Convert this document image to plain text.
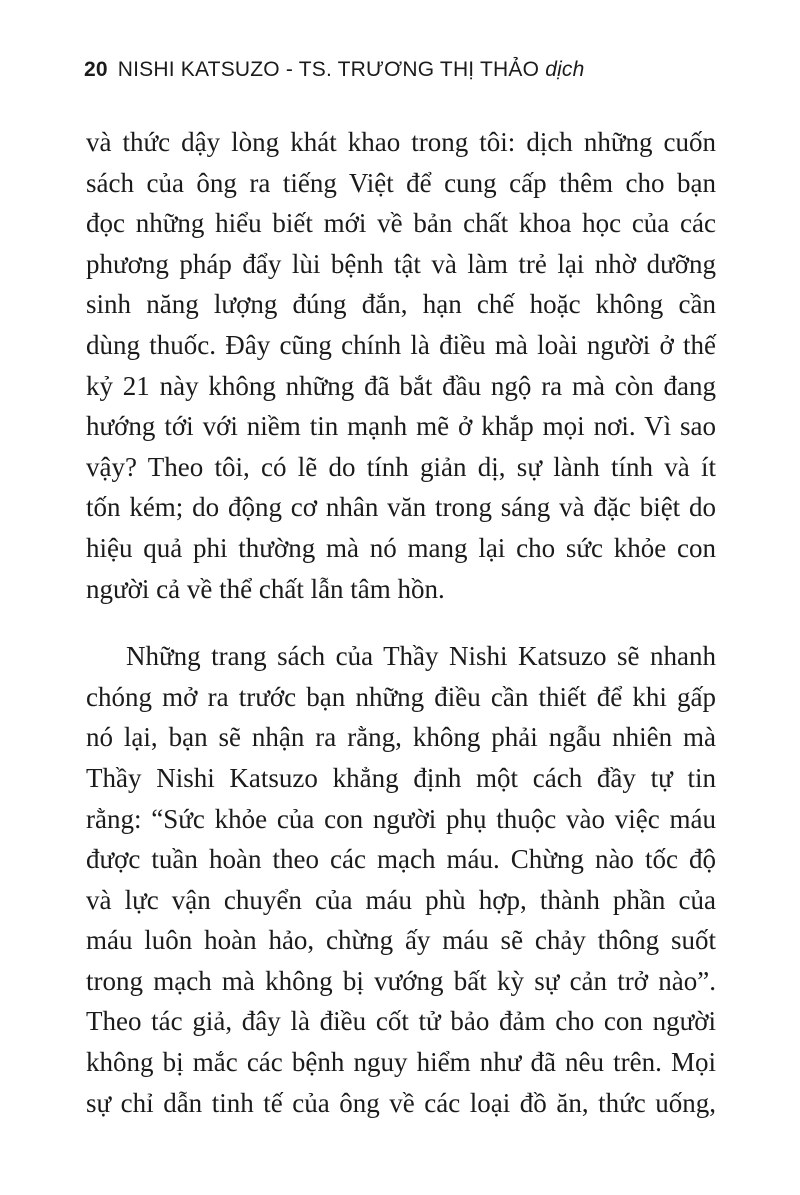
20 NISHI KATSUZO - TS. TRƯƠNG THỊ THẢO dịch
và thức dậy lòng khát khao trong tôi: dịch những cuốn
sách của ông ra tiếng Việt để cung cấp thêm cho bạn
đọc những hiểu biết mới về bản chất khoa học của các
phương pháp đẩy lùi bệnh tật và làm trẻ lại nhờ dưỡng
sinh năng lượng đúng đắn, hạn chế hoặc không cần
dùng thuốc. Đây cũng chính là điều mà loài người ở thế
kỷ 21 này không những đã bắt đầu ngộ ra mà còn đang
hướng tới với niềm tin mạnh mẽ ở khắp mọi nơi. Vì sao
vậy? Theo tôi, có lẽ do tính giản dị, sự lành tính và ít
tốn kém; do động cơ nhân văn trong sáng và đặc biệt do
hiệu quả phi thường mà nó mang lại cho sức khỏe con
người cả về thể chất lẫn tâm hồn.
Những trang sách của Thầy Nishi Katsuzo sẽ nhanh
chóng mở ra trước bạn những điều cần thiết để khi gấp
nó lại, bạn sẽ nhận ra rằng, không phải ngẫu nhiên mà
Thầy Nishi Katsuzo khẳng định một cách đầy tự tin
rằng: “Sức khỏe của con người phụ thuộc vào việc máu
được tuần hoàn theo các mạch máu. Chừng nào tốc độ
và lực vận chuyển của máu phù hợp, thành phần của
máu luôn hoàn hảo, chừng ấy máu sẽ chảy thông suốt
trong mạch mà không bị vướng bất kỳ sự cản trở nào”.
Theo tác giả, đây là điều cốt tử bảo đảm cho con người
không bị mắc các bệnh nguy hiểm như đã nêu trên. Mọi
sự chỉ dẫn tinh tế của ông về các loại đồ ăn, thức uống,
